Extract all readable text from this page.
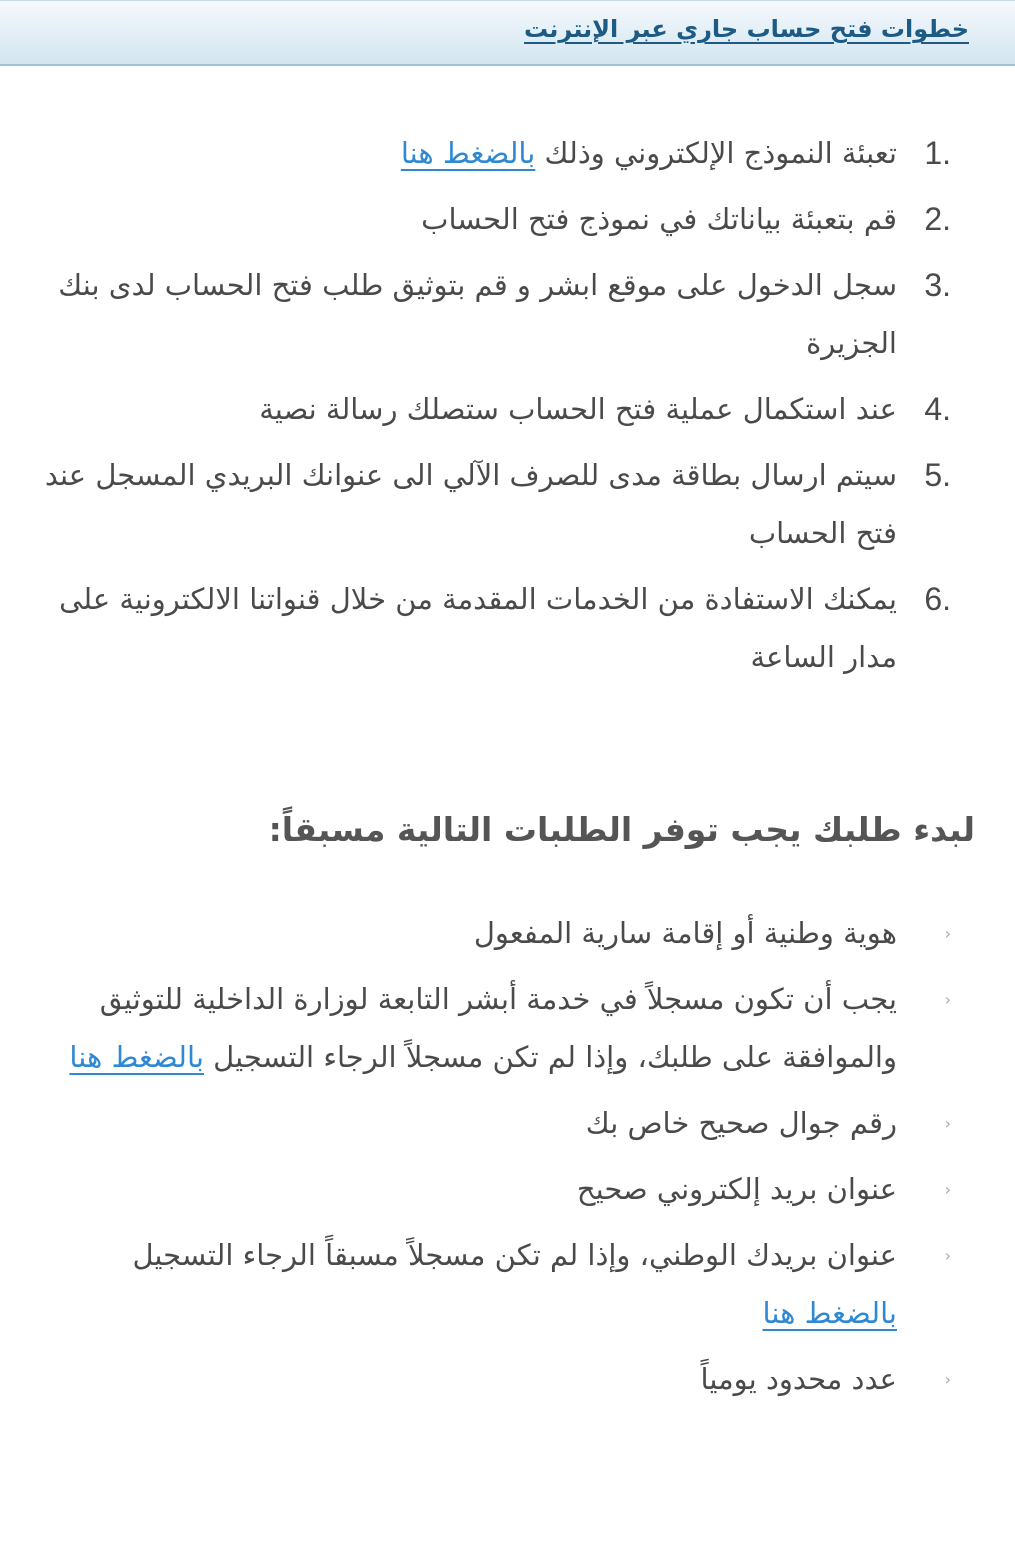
خطوات فتح حساب جاري عبر الإنترنت
1.
تعبئة النموذج الإلكتروني وذلك بالضغط هنا
2.
قم بتعبئة بياناتك في نموذج فتح الحساب
3.
سجل الدخول على موقع ابشر و قم بتوثيق طلب فتح الحساب لدى بنك الجزيرة
4.
عند استكمال عملية فتح الحساب ستصلك رسالة نصية
5.
سيتم ارسال بطاقة مدى للصرف الآلي الى عنوانك البريدي المسجل عند فتح الحساب
6.
يمكنك الاستفادة من الخدمات المقدمة من خلال قنواتنا الالكترونية على مدار الساعة
لبدء طلبك يجب توفر الطلبات التالية مسبقاً:
‹
هوية وطنية أو إقامة سارية المفعول
‹
يجب أن تكون مسجلاً في خدمة أبشر التابعة لوزارة الداخلية للتوثيق والموافقة على طلبك، وإذا لم تكن مسجلاً الرجاء التسجيل بالضغط هنا
‹
رقم جوال صحيح خاص بك
‹
عنوان بريد إلكتروني صحيح
‹
عنوان بريدك الوطني، وإذا لم تكن مسجلاً مسبقاً الرجاء التسجيل بالضغط هنا
‹
عدد محدود يومياً
